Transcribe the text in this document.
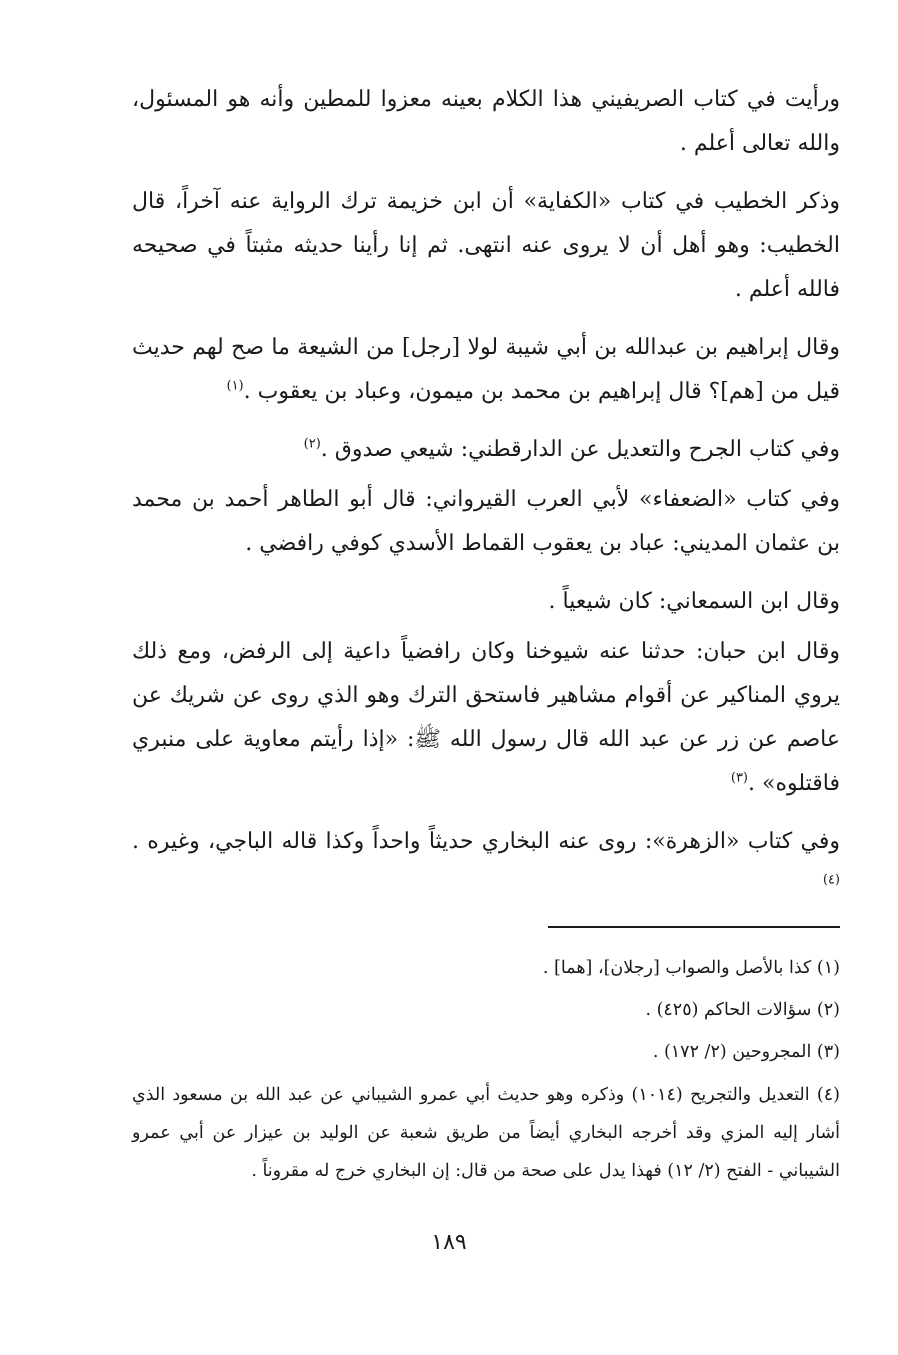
ورأيت في كتاب الصريفيني هذا الكلام بعينه معزوا للمطين وأنه هو المسئول، والله تعالى أعلم .

وذكر الخطيب في كتاب «الكفاية» أن ابن خزيمة ترك الرواية عنه آخراً، قال الخطيب: وهو أهل أن لا يروى عنه انتهى. ثم إنا رأينا حديثه مثبتاً في صحيحه فالله أعلم .

وقال إبراهيم بن عبدالله بن أبي شيبة لولا [رجل] من الشيعة ما صح لهم حديث قيل من [هم]؟ قال إبراهيم بن محمد بن ميمون، وعباد بن يعقوب .$^{(١)}$

وفي كتاب الجرح والتعديل عن الدارقطني: شيعي صدوق .$^{(٢)}$

وفي كتاب «الضعفاء» لأبي العرب القيرواني: قال أبو الطاهر أحمد بن محمد بن عثمان المديني: عباد بن يعقوب القماط الأسدي كوفي رافضي .

وقال ابن السمعاني: كان شيعياً .

وقال ابن حبان: حدثنا عنه شيوخنا وكان رافضياً داعية إلى الرفض، ومع ذلك يروي المناكير عن أقوام مشاهير فاستحق الترك وهو الذي روى عن شريك عن عاصم عن زر عن عبد الله قال رسول الله ﷺ: «إذا رأيتم معاوية على منبري فاقتلوه» .$^{(٣)}$

وفي كتاب «الزهرة»: روى عنه البخاري حديثاً واحداً وكذا قاله الباجي، وغيره .$^{(٤)}$

(١) كذا بالأصل والصواب [رجلان]، [هما] .

(٢) سؤالات الحاكم (٤٢٥) .

(٣) المجروحين (٢/ ١٧٢) .

(٤) التعديل والتجريح (١٠١٤) وذكره وهو حديث أبي عمرو الشيباني عن عبد الله بن مسعود الذي أشار إليه المزي وقد أخرجه البخاري أيضاً من طريق شعبة عن الوليد بن عيزار عن أبي عمرو الشيباني - الفتح (٢/ ١٢) فهذا يدل على صحة من قال: إن البخاري خرج له مقروناً .

١٨٩
